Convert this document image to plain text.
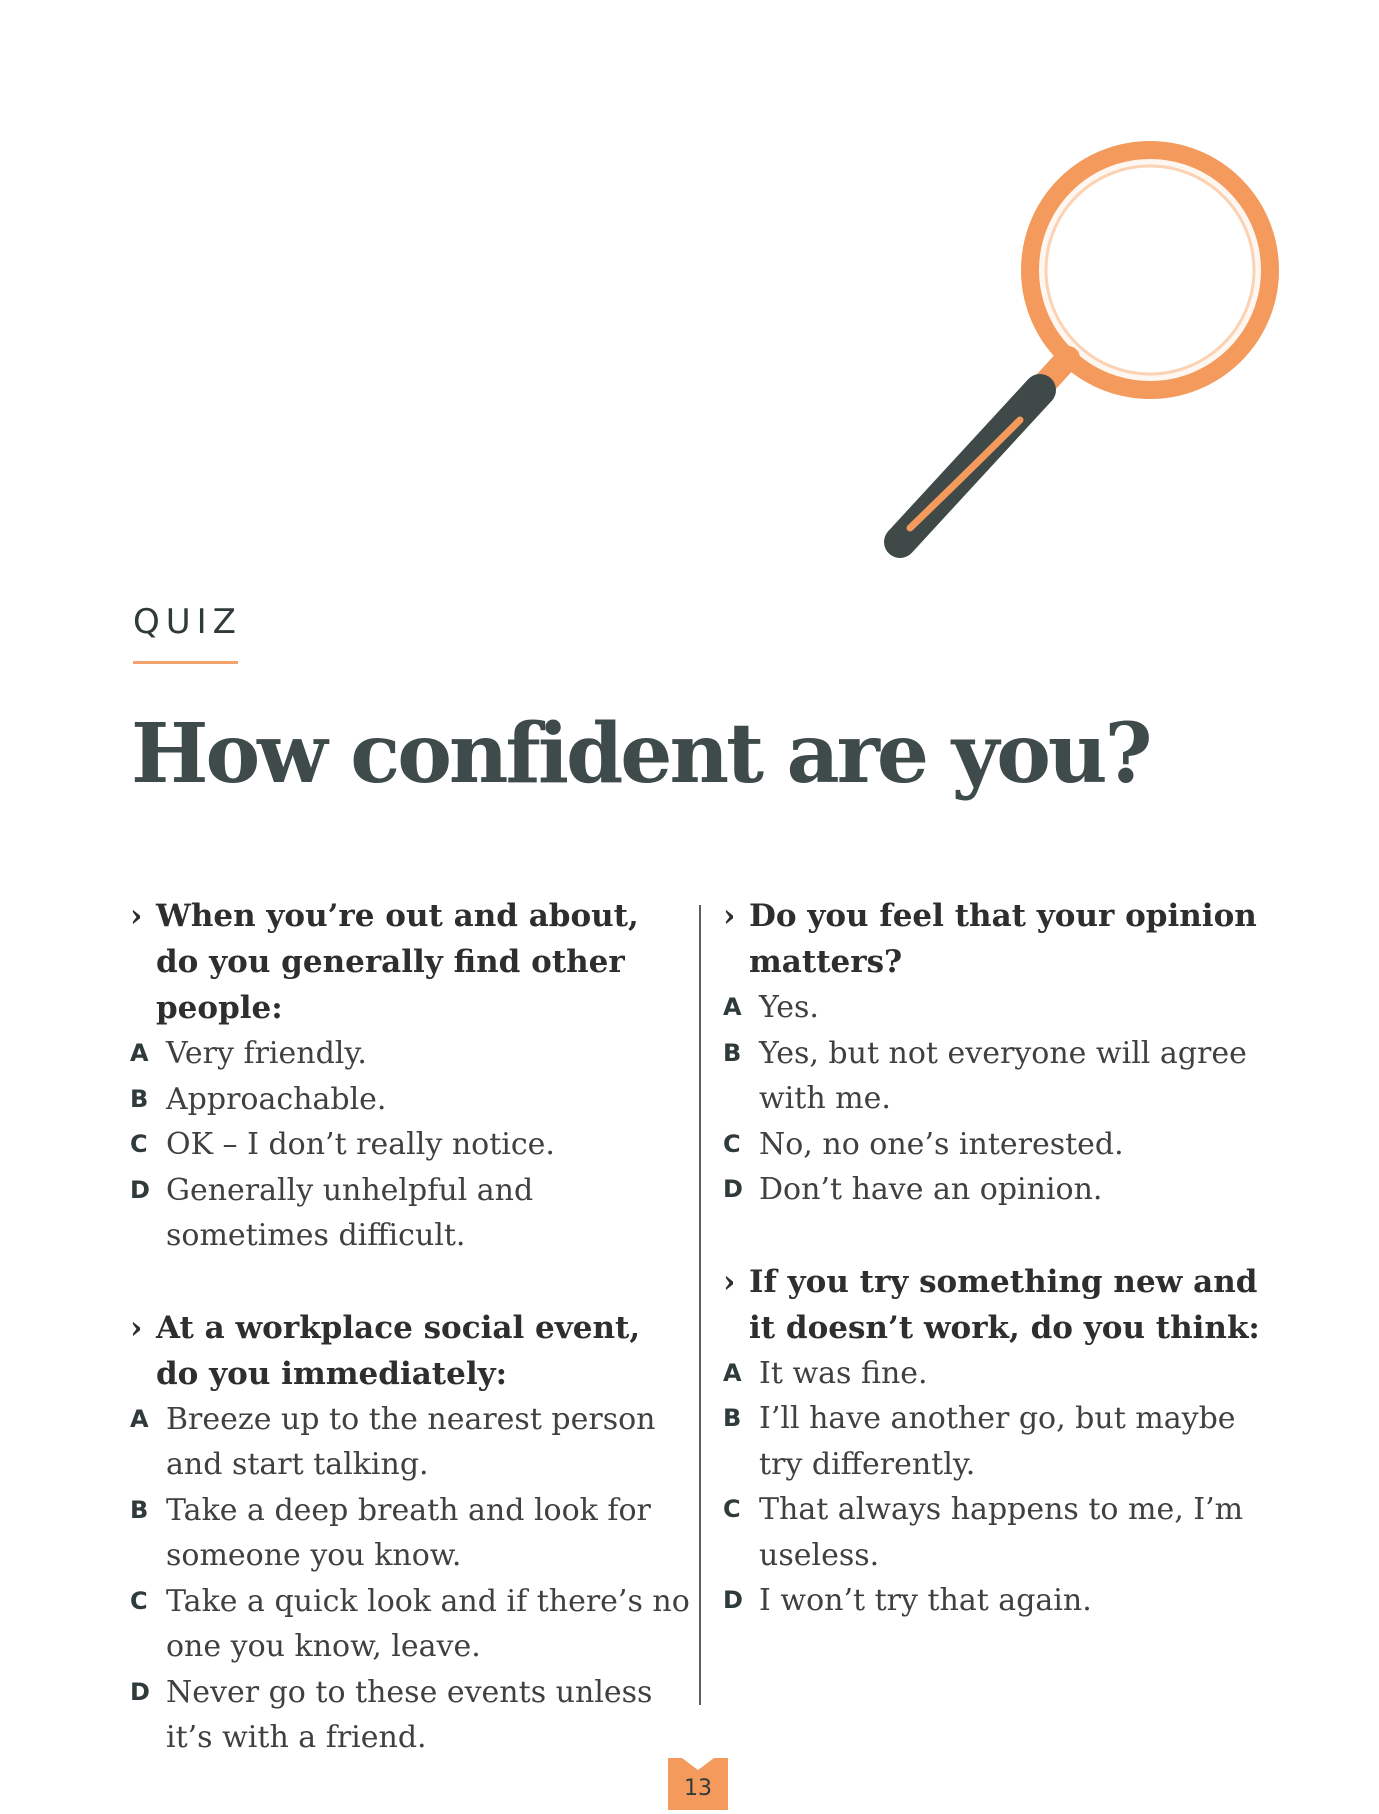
QUIZ
How confident are you?

› When you’re out and about, do you generally find other people:

A Very friendly.
B Approachable.
C OK – I don’t really notice.
D Generally unhelpful and sometimes difficult.

› At a workplace social event, do you immediately:

A Breeze up to the nearest person and start talking.
B Take a deep breath and look for someone you know.
C Take a quick look and if there’s no one you know, leave.
D Never go to these events unless it’s with a friend.

› Do you feel that your opinion matters?

A Yes.
B Yes, but not everyone will agree with me.
C No, no one’s interested.
D Don’t have an opinion.

› If you try something new and it doesn’t work, do you think:

A It was fine.
B I’ll have another go, but maybe try differently.
C That always happens to me, I’m useless.
D I won’t try that again.
13
